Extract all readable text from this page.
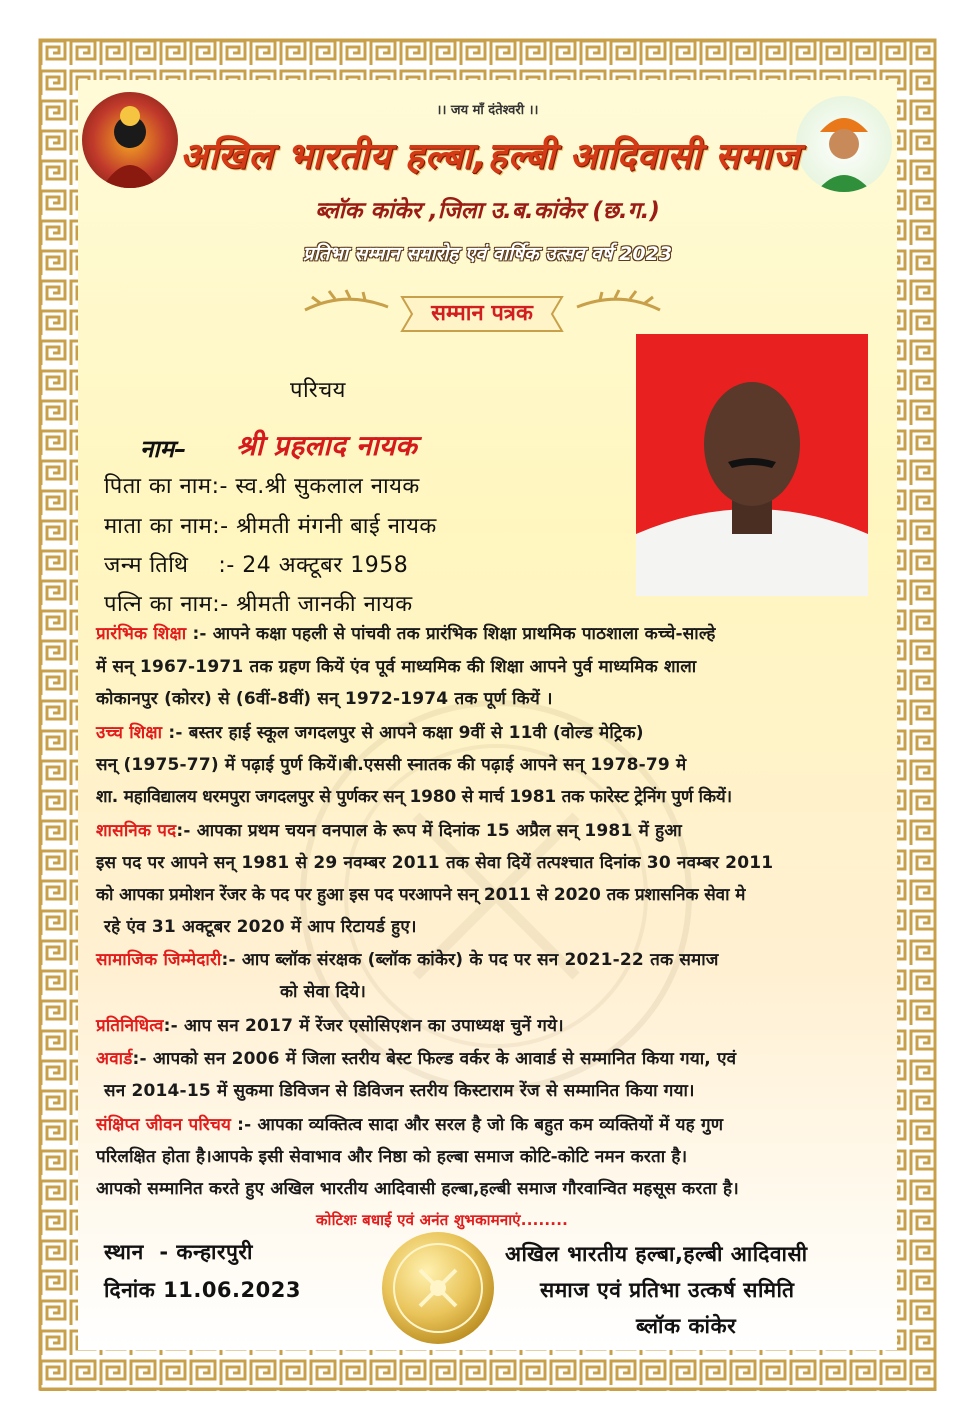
।। जय माँ दंतेश्वरी ।।
अखिल भारतीय हल्बा,हल्बी आदिवासी समाज
ब्लॉक कांकेर ,जिला उ.ब.कांकेर (छ.ग.)
प्रतिभा सम्मान समारोह एवं वार्षिक उत्सव वर्ष 2023
सम्मान पत्रक
परिचय
नाम– श्री प्रहलाद नायक
पिता का नाम:- स्व.श्री सुकलाल नायक
माता का नाम:- श्रीमती मंगनी बाई नायक
जन्म तिथि    :- 24 अक्टूबर 1958
पत्नि का नाम:- श्रीमती जानकी नायक
प्रारंभिक शिक्षा :- आपने कक्षा पहली से पांचवी तक प्रारंभिक शिक्षा प्राथमिक पाठशाला कच्चे-साल्हे
में सन् 1967-1971 तक ग्रहण कियें एंव पूर्व माध्यमिक की शिक्षा आपने पुर्व माध्यमिक शाला
कोकानपुर (कोरर) से (6वीं-8वीं) सन् 1972-1974 तक पूर्ण कियें ।
उच्च शिक्षा :- बस्तर हाई स्कूल जगदलपुर से आपने कक्षा 9वीं से 11वी (वोल्ड मेट्रिक)
सन् (1975-77) में पढ़ाई पुर्ण कियें।बी.एससी स्नातक की पढ़ाई आपने सन् 1978-79 मे
शा. महाविद्यालय धरमपुरा जगदलपुर से पुर्णकर सन् 1980 से मार्च 1981 तक फारेस्ट ट्रेनिंग पुर्ण कियें।
शासनिक पद:- आपका प्रथम चयन वनपाल के रूप में दिनांक 15 अप्रैल सन् 1981 में हुआ
इस पद पर आपने सन् 1981 से 29 नवम्बर 2011 तक सेवा दियें तत्पश्चात दिनांक 30 नवम्बर 2011
को आपका प्रमोशन रेंजर के पद पर हुआ इस पद परआपने सन् 2011 से 2020 तक प्रशासनिक सेवा मे
रहे एंव 31 अक्टूबर 2020 में आप रिटायर्ड हुए।
सामाजिक जिम्मेदारी:- आप ब्लॉक संरक्षक (ब्लॉक कांकेर) के पद पर सन 2021-22 तक समाज
को सेवा दिये।
प्रतिनिधित्व:- आप सन 2017 में रेंजर एसोसिएशन का उपाध्यक्ष चुनें गये।
अवार्ड:- आपको सन 2006 में जिला स्तरीय बेस्ट फिल्ड वर्कर के आवार्ड से सम्मानित किया गया, एवं
सन 2014-15 में सुकमा डिविजन से डिविजन स्तरीय किस्टाराम रेंज से सम्मानित किया गया।
संक्षिप्त जीवन परिचय :- आपका व्यक्तित्व सादा और सरल है जो कि बहुत कम व्यक्तियों में यह गुण
परिलक्षित होता है।आपके इसी सेवाभाव और निष्ठा को हल्बा समाज कोटि-कोटि नमन करता है।
आपको सम्मानित करते हुए अखिल भारतीय आदिवासी हल्बा,हल्बी समाज गौरवान्वित महसूस करता है।
कोटिशः बधाई एवं अनंत शुभकामनाएं........
स्थान  - कन्हारपुरी
दिनांक 11.06.2023
अखिल भारतीय हल्बा,हल्बी आदिवासी
समाज एवं प्रतिभा उत्कर्ष समिति
ब्लॉक कांकेर
